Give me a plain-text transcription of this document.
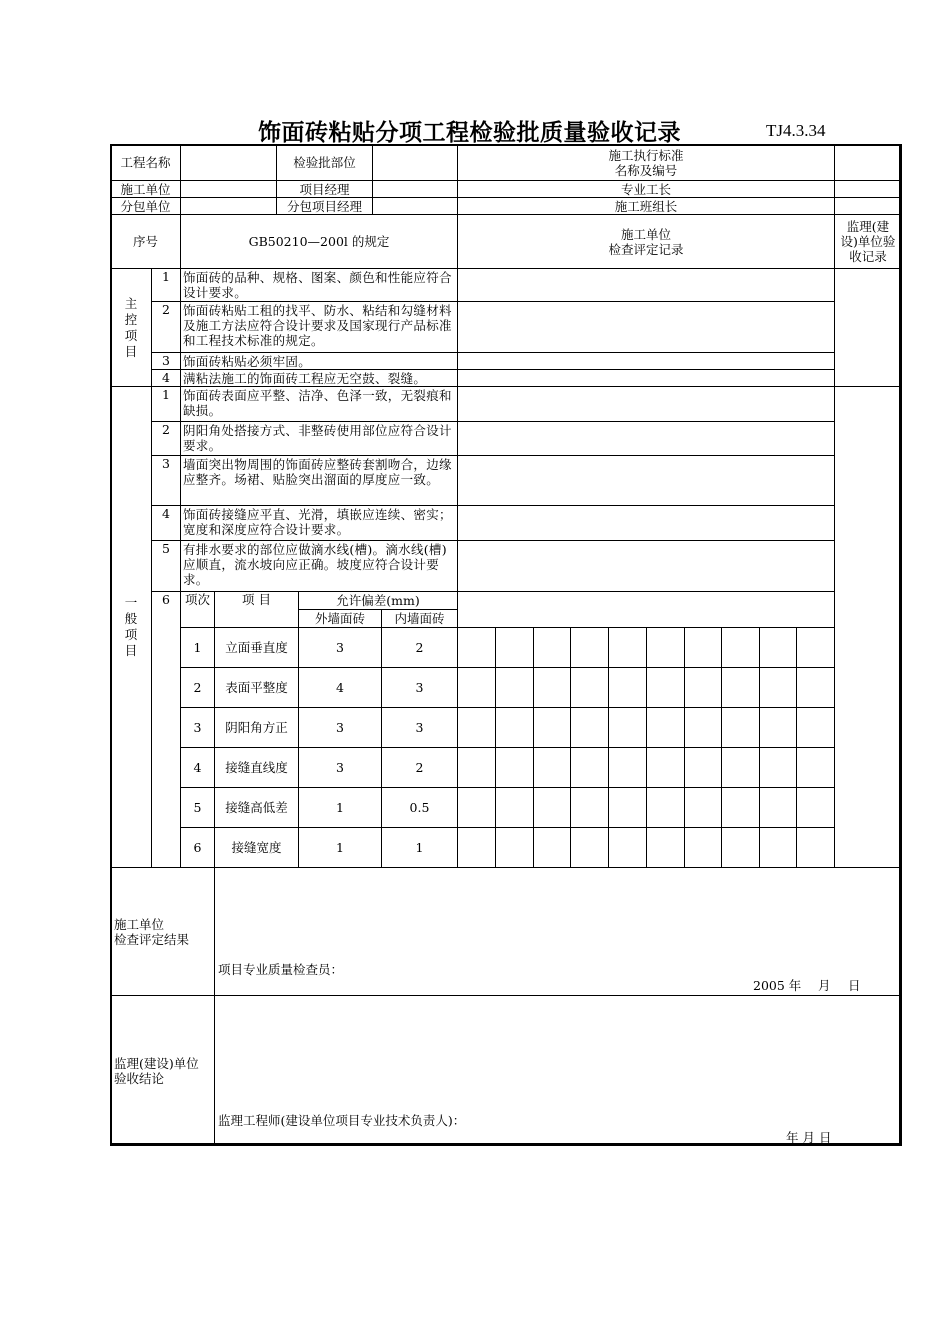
饰面砖粘贴分项工程检验批质量验收记录	TJ4.3.34
工程名称	检验批部位	施工执行标准
名称及编号
施工单位	项目经理	专业工长
分包单位	分包项目经理	施工班组长
序号	GB50210—200l 的规定	施工单位
检查评定记录
监理(建
设)单位验
收记录
主控项目
1	饰面砖的品种、规格、图案、颜色和性能应符合设计要求。
2	饰面砖粘贴工租的找平、防水、粘结和勾缝材料及施工方法应符合设计要求及国家现行产品标准和工程技术标准的规定。
3	饰面砖粘贴必须牢固。
4	满粘法施工的饰面砖工程应无空鼓、裂缝。
一般项目
1	饰面砖表面应平整、洁净、色泽一致，无裂痕和缺损。
2	阴阳角处搭接方式、非整砖使用部位应符合设计要求。
3	墙面突出物周围的饰面砖应整砖套割吻合，边缘应整齐。场裙、贴脸突出溜面的厚度应一致。
4	饰面砖接缝应平直、光滑，填嵌应连续、密实；宽度和深度应符合设计要求。
5	有排水要求的部位应做滴水线(槽)。滴水线(槽)应顺直，流水坡向应正确。坡度应符合设计要求。
6	项次	项 目	允许偏差(mm)
外墙面砖	内墙面砖
1	立面垂直度	3	2
2	表面平整度	4	3
3	阴阳角方正	3	3
4	接缝直线度	3	2
5	接缝高低差	1	0.5
6	接缝宽度	1	1
施工单位
检查评定结果
项目专业质量检查员：
2005 年 月 日
监理(建设)单位
验收结论
监理工程师(建设单位项目专业技术负责人)：
年 月 日
